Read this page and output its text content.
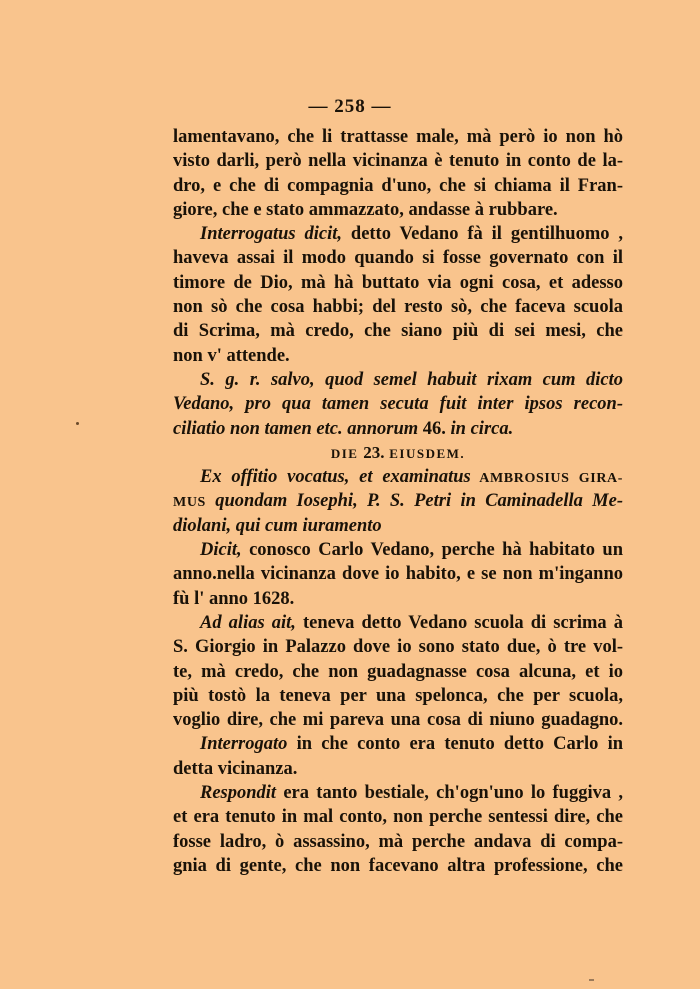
— 258 —
lamentavano, che li trattasse male, mà però io non hò
visto darli, però nella vicinanza è tenuto in conto de la-
dro, e che di compagnia d'uno, che si chiama il Fran-
giore, che e stato ammazzato, andasse à rubbare.
Interrogatus dicit, detto Vedano fà il gentilhuomo ,
haveva assai il modo quando si fosse governato con il
timore de Dio, mà hà buttato via ogni cosa, et adesso
non sò che cosa habbi; del resto sò, che faceva scuola
di Scrima, mà credo, che siano più di sei mesi, che
non v' attende.
S. g. r. salvo, quod semel habuit rixam cum dicto
Vedano, pro qua tamen secuta fuit inter ipsos recon-
ciliatio non tamen etc. annorum 46. in circa.
DIE 23. EIUSDEM.
Ex offitio vocatus, et examinatus AMBROSIUS GIRA-
MUS quondam Iosephi, P. S. Petri in Caminadella Me-
diolani, qui cum iuramento
Dicit, conosco Carlo Vedano, perche hà habitato un
anno.nella vicinanza dove io habito, e se non m'inganno
fù l' anno 1628.
Ad alias ait, teneva detto Vedano scuola di scrima à
S. Giorgio in Palazzo dove io sono stato due, ò tre vol-
te, mà credo, che non guadagnasse cosa alcuna, et io
più tostò la teneva per una spelonca, che per scuola,
voglio dire, che mi pareva una cosa di niuno guadagno.
Interrogato in che conto era tenuto detto Carlo in
detta vicinanza.
Respondit era tanto bestiale, ch'ogn'uno lo fuggiva ,
et era tenuto in mal conto, non perche sentessi dire, che
fosse ladro, ò assassino, mà perche andava di compa-
gnia di gente, che non facevano altra professione, che
